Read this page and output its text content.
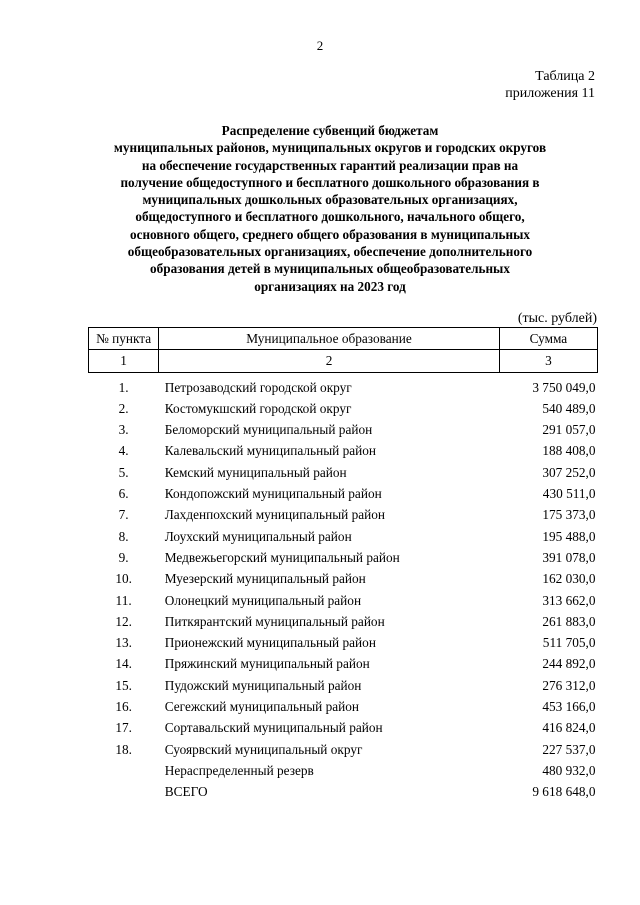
2
Таблица 2
приложения 11
Распределение субвенций бюджетам
муниципальных районов, муниципальных округов и городских округов
на обеспечение государственных гарантий реализации прав на
получение общедоступного и бесплатного дошкольного образования в
муниципальных дошкольных образовательных организациях,
общедоступного и бесплатного дошкольного, начального общего,
основного общего, среднего общего образования в муниципальных
общеобразовательных организациях, обеспечение дополнительного
образования детей в муниципальных общеобразовательных
организациях на 2023 год
(тыс. рублей)
№ пункта	Муниципальное образование	Сумма
1	2	3
1.	Петрозаводский городской округ	3 750 049,0
2.	Костомукшский городской округ	540 489,0
3.	Беломорский муниципальный район	291 057,0
4.	Калевальский муниципальный район	188 408,0
5.	Кемский муниципальный район	307 252,0
6.	Кондопожский муниципальный район	430 511,0
7.	Лахденпохский муниципальный район	175 373,0
8.	Лоухский муниципальный район	195 488,0
9.	Медвежьегорский муниципальный район	391 078,0
10.	Муезерский муниципальный район	162 030,0
11.	Олонецкий муниципальный район	313 662,0
12.	Питкярантский муниципальный район	261 883,0
13.	Прионежский муниципальный район	511 705,0
14.	Пряжинский муниципальный район	244 892,0
15.	Пудожский муниципальный район	276 312,0
16.	Сегежский муниципальный район	453 166,0
17.	Сортавальский муниципальный район	416 824,0
18.	Суоярвский муниципальный округ	227 537,0
	Нераспределенный резерв	480 932,0
	ВСЕГО	9 618 648,0
